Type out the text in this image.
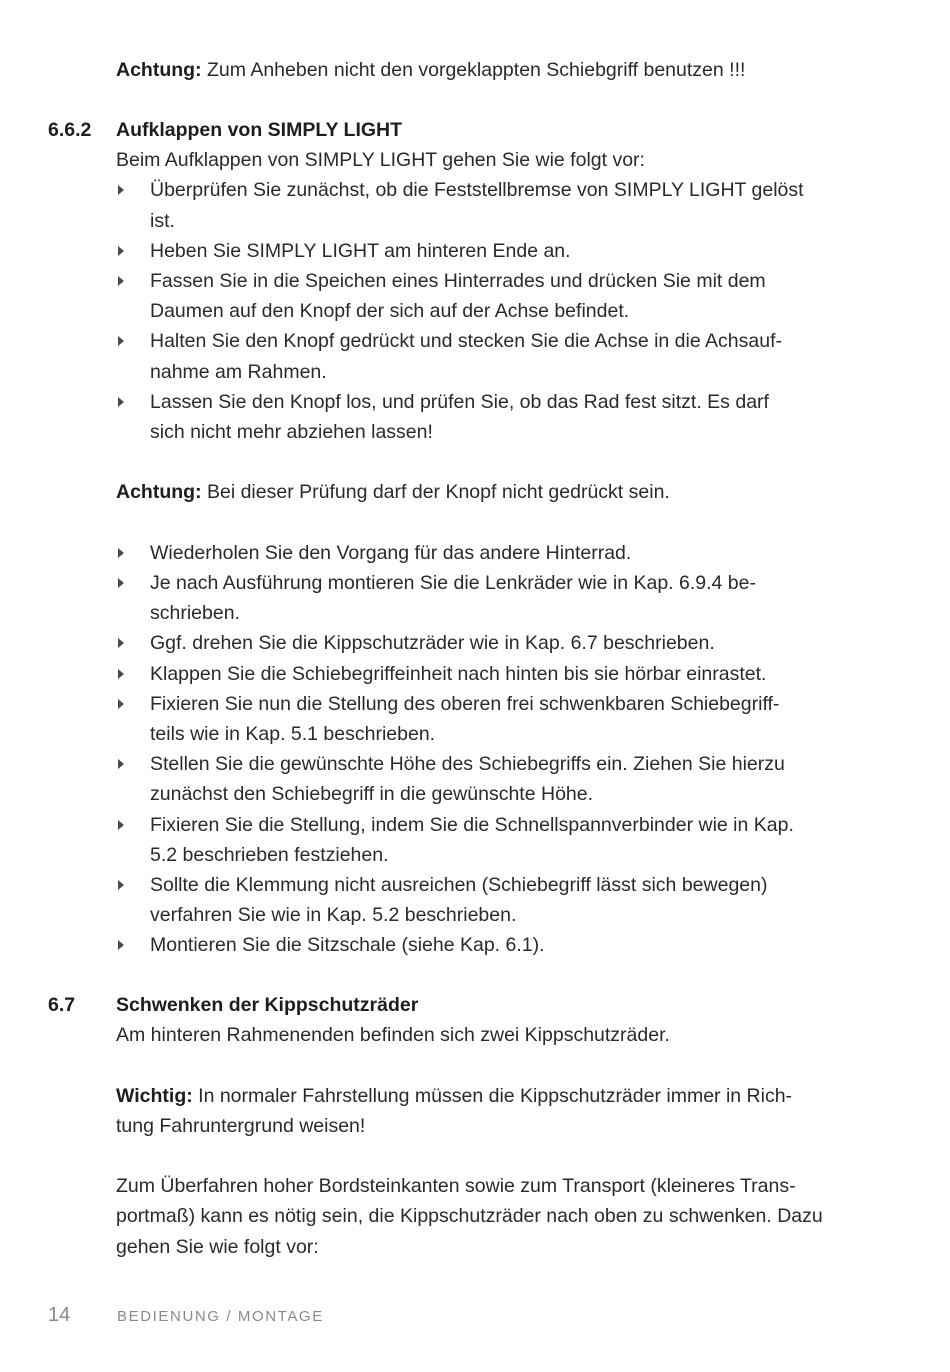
Achtung: Zum Anheben nicht den vorgeklappten Schiebgriff benutzen !!!

6.6.2 Aufklappen von SIMPLY LIGHT

Beim Aufklappen von SIMPLY LIGHT gehen Sie wie folgt vor:

Überprüfen Sie zunächst, ob die Feststellbremse von SIMPLY LIGHT gelöst
ist.
Heben Sie SIMPLY LIGHT am hinteren Ende an.
Fassen Sie in die Speichen eines Hinterrades und drücken Sie mit dem
Daumen auf den Knopf der sich auf der Achse befindet.
Halten Sie den Knopf gedrückt und stecken Sie die Achse in die Achsauf-
nahme am Rahmen.
Lassen Sie den Knopf los, und prüfen Sie, ob das Rad fest sitzt. Es darf
sich nicht mehr abziehen lassen!

Achtung: Bei dieser Prüfung darf der Knopf nicht gedrückt sein.

Wiederholen Sie den Vorgang für das andere Hinterrad.
Je nach Ausführung montieren Sie die Lenkräder wie in Kap. 6.9.4 be-
schrieben.
Ggf. drehen Sie die Kippschutzräder wie in Kap. 6.7 beschrieben.
Klappen Sie die Schiebegriffeinheit nach hinten bis sie hörbar einrastet.
Fixieren Sie nun die Stellung des oberen frei schwenkbaren Schiebegriff-
teils wie in Kap. 5.1 beschrieben.
Stellen Sie die gewünschte Höhe des Schiebegriffs ein. Ziehen Sie hierzu
zunächst den Schiebegriff in die gewünschte Höhe.
Fixieren Sie die Stellung, indem Sie die Schnellspannverbinder wie in Kap.
5.2 beschrieben festziehen.
Sollte die Klemmung nicht ausreichen (Schiebegriff lässt sich bewegen)
verfahren Sie wie in Kap. 5.2 beschrieben.
Montieren Sie die Sitzschale (siehe Kap. 6.1).

6.7 Schwenken der Kippschutzräder

Am hinteren Rahmenenden befinden sich zwei Kippschutzräder.

Wichtig: In normaler Fahrstellung müssen die Kippschutzräder immer in Rich-

tung Fahruntergrund weisen!

Zum Überfahren hoher Bordsteinkanten sowie zum Transport (kleineres Trans-

portmaß) kann es nötig sein, die Kippschutzräder nach oben zu schwenken. Dazu

gehen Sie wie folgt vor:

14	BEDIENUNG / MONTAGE
